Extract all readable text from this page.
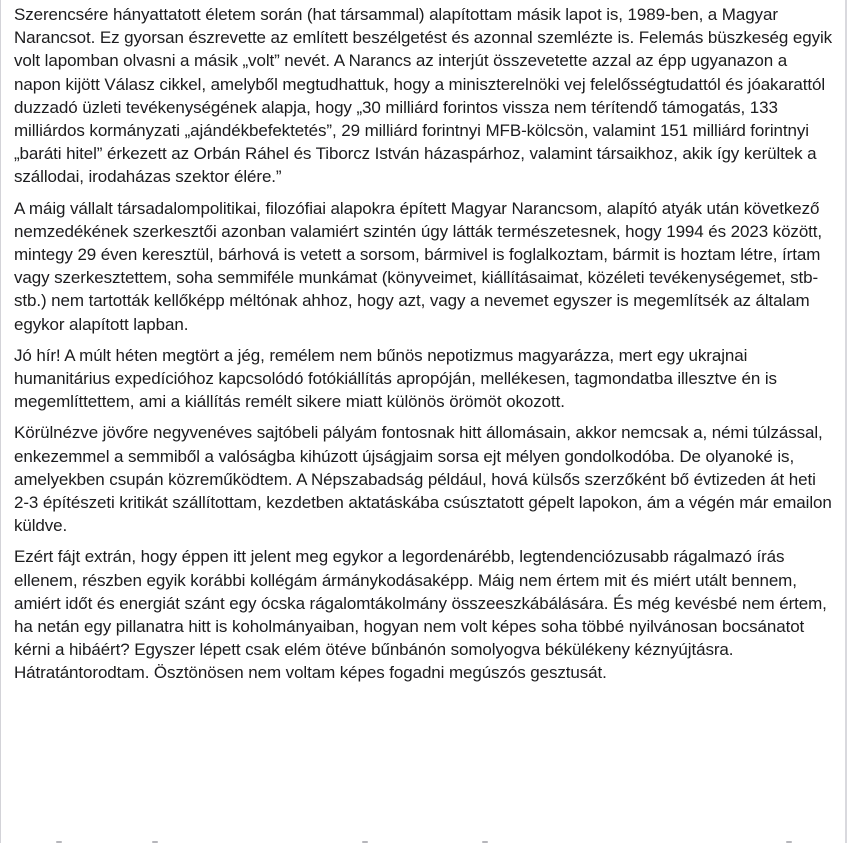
Szerencsére hányattatott életem során (hat társammal) alapítottam másik lapot is, 1989-ben, a Magyar Narancsot. Ez gyorsan észrevette az említett beszélgetést és azonnal szemlézte is. Felemás büszkeség egyik volt lapomban olvasni a másik „volt” nevét. A Narancs az interjút összevetette azzal az épp ugyanazon a napon kijött Válasz cikkel, amelyből megtudhattuk, hogy a miniszterelnöki vej felelősségtudattól és jóakarattól duzzadó üzleti tevékenységének alapja, hogy „30 milliárd forintos vissza nem térítendő támogatás, 133 milliárdos kormányzati „ajándékbefektetés”, 29 milliárd forintnyi MFB-kölcsön, valamint 151 milliárd forintnyi „baráti hitel” érkezett az Orbán Ráhel és Tiborcz István házaspárhoz, valamint társaikhoz, akik így kerültek a szállodai, irodaházas szektor élére.”

A máig vállalt társadalompolitikai, filozófiai alapokra épített Magyar Narancsom, alapító atyák után következő nemzedékének szerkesztői azonban valamiért szintén úgy látták természetesnek, hogy 1994 és 2023 között, mintegy 29 éven keresztül, bárhová is vetett a sorsom, bármivel is foglalkoztam, bármit is hoztam létre, írtam vagy szerkesztettem, soha semmiféle munkámat (könyveimet, kiállításaimat, közéleti tevékenységemet, stb-stb.) nem tartották kellőképp méltónak ahhoz, hogy azt, vagy a nevemet egyszer is megemlítsék az általam egykor alapított lapban.

Jó hír! A múlt héten megtört a jég, remélem nem bűnös nepotizmus magyarázza, mert egy ukrajnai humanitárius expedícióhoz kapcsolódó fotókiállítás apropóján, mellékesen, tagmondatba illesztve én is megemlíttettem, ami a kiállítás remélt sikere miatt különös örömöt okozott.

Körülnézve jövőre negyvenéves sajtóbeli pályám fontosnak hitt állomásain, akkor nemcsak a, némi túlzással, enkezemmel a semmiből a valóságba kihúzott újságjaim sorsa ejt mélyen gondolkodóba. De olyanoké is, amelyekben csupán közreműködtem. A Népszabadság például, hová külsős szerzőként bő évtizeden át heti 2-3 építészeti kritikát szállítottam, kezdetben aktatáskába csúsztatott gépelt lapokon, ám a végén már emailon küldve.

Ezért fájt extrán, hogy éppen itt jelent meg egykor a legordenárébb, legtendenciózusabb rágalmazó írás ellenem, részben egyik korábbi kollégám ármánykodásaképp. Máig nem értem mit és miért utált bennem, amiért időt és energiát szánt egy ócska rágalomtákolmány összeeszkábálására. És még kevésbé nem értem, ha netán egy pillanatra hitt is koholmányaiban, hogyan nem volt képes soha többé nyilvánosan bocsánatot kérni a hibáért? Egyszer lépett csak elém ötéve bűnbánón somolyogva békülékeny kéznyújtásra. Hátratántorodtam. Ösztönösen nem voltam képes fogadni megúszós gesztusát.
